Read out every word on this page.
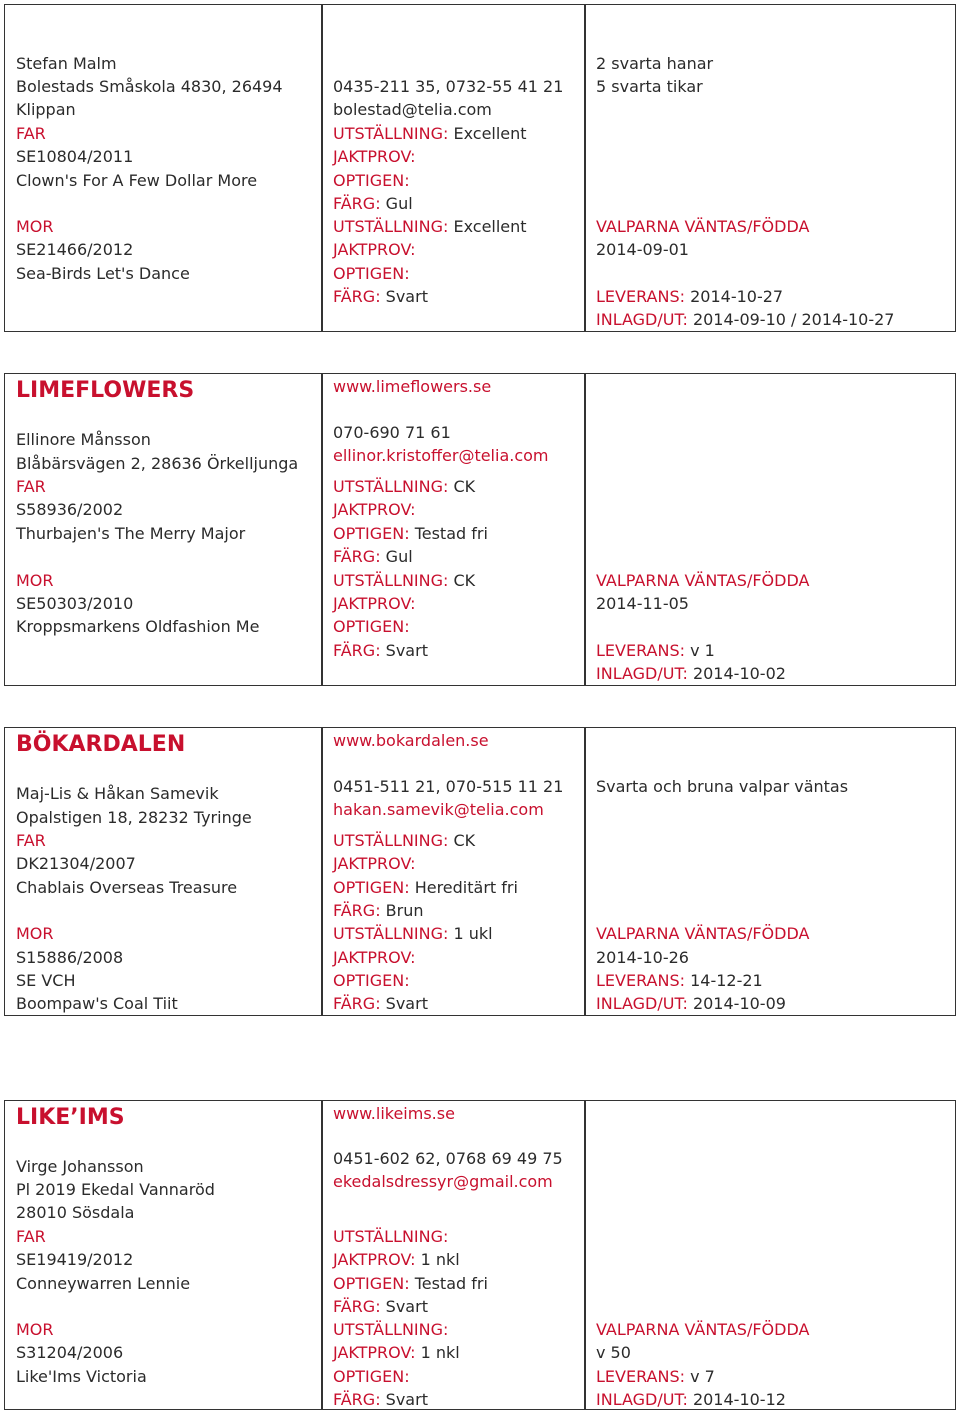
Stefan Malm
Bolestads Småskola 4830, 26494
Klippan
FAR
SE10804/2011
Clown's For A Few Dollar More
MOR
SE21466/2012
Sea-Birds Let's Dance
0435-211 35, 0732-55 41 21
bolestad@telia.com
UTSTÄLLNING: Excellent
JAKTPROV:
OPTIGEN:
FÄRG: Gul
UTSTÄLLNING: Excellent
JAKTPROV:
OPTIGEN:
FÄRG: Svart
2 svarta hanar
5 svarta tikar
VALPARNA VÄNTAS/FÖDDA
2014-09-01
LEVERANS: 2014-10-27
INLAGD/UT: 2014-09-10 / 2014-10-27
LIMEFLOWERS
Ellinore Månsson
Blåbärsvägen 2, 28636 Örkelljunga
FAR
S58936/2002
Thurbajen's The Merry Major
MOR
SE50303/2010
Kroppsmarkens Oldfashion Me
www.limeflowers.se
070-690 71 61
ellinor.kristoffer@telia.com
UTSTÄLLNING: CK
JAKTPROV:
OPTIGEN: Testad fri
FÄRG: Gul
UTSTÄLLNING: CK
JAKTPROV:
OPTIGEN:
FÄRG: Svart
VALPARNA VÄNTAS/FÖDDA
2014-11-05
LEVERANS: v 1
INLAGD/UT: 2014-10-02
BÖKARDALEN
Maj-Lis & Håkan Samevik
Opalstigen 18, 28232 Tyringe
FAR
DK21304/2007
Chablais Overseas Treasure
MOR
S15886/2008
SE VCH
Boompaw's Coal Tiit
www.bokardalen.se
0451-511 21, 070-515 11 21
hakan.samevik@telia.com
UTSTÄLLNING: CK
JAKTPROV:
OPTIGEN: Hereditärt fri
FÄRG: Brun
UTSTÄLLNING: 1 ukl
JAKTPROV:
OPTIGEN:
FÄRG: Svart
Svarta och bruna valpar väntas
VALPARNA VÄNTAS/FÖDDA
2014-10-26
LEVERANS: 14-12-21
INLAGD/UT: 2014-10-09
LIKE’IMS
Virge Johansson
Pl 2019 Ekedal Vannaröd
28010 Sösdala
FAR
SE19419/2012
Conneywarren Lennie
MOR
S31204/2006
Like'Ims Victoria
www.likeims.se
0451-602 62, 0768 69 49 75
ekedalsdressyr@gmail.com
UTSTÄLLNING:
JAKTPROV: 1 nkl
OPTIGEN: Testad fri
FÄRG: Svart
UTSTÄLLNING:
JAKTPROV: 1 nkl
OPTIGEN:
FÄRG: Svart
VALPARNA VÄNTAS/FÖDDA
v 50
LEVERANS: v 7
INLAGD/UT: 2014-10-12
